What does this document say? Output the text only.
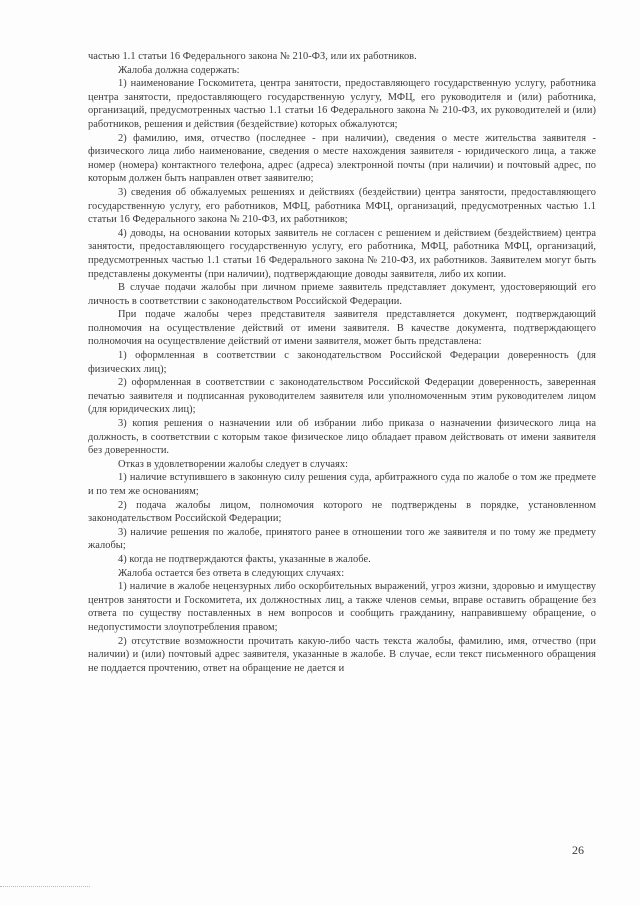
частью 1.1 статьи 16 Федерального закона № 210-ФЗ, или их работников.

Жалоба должна содержать:

1) наименование Госкомитета, центра занятости, предоставляющего государственную услугу, работника центра занятости, предоставляющего государственную услугу, МФЦ, его руководителя и (или) работника, организаций, предусмотренных частью 1.1 статьи 16 Федерального закона № 210-ФЗ, их руководителей и (или) работников, решения и действия (бездействие) которых обжалуются;

2) фамилию, имя, отчество (последнее - при наличии), сведения о месте жительства заявителя - физического лица либо наименование, сведения о месте нахождения заявителя - юридического лица, а также номер (номера) контактного телефона, адрес (адреса) электронной почты (при наличии) и почтовый адрес, по которым должен быть направлен ответ заявителю;

3) сведения об обжалуемых решениях и действиях (бездействии) центра занятости, предоставляющего государственную услугу, его работников, МФЦ, работника МФЦ, организаций, предусмотренных частью 1.1 статьи 16 Федерального закона № 210-ФЗ, их работников;

4) доводы, на основании которых заявитель не согласен с решением и действием (бездействием) центра занятости, предоставляющего государственную услугу, его работника, МФЦ, работника МФЦ, организаций, предусмотренных частью 1.1 статьи 16 Федерального закона № 210-ФЗ, их работников. Заявителем могут быть представлены документы (при наличии), подтверждающие доводы заявителя, либо их копии.

В случае подачи жалобы при личном приеме заявитель представляет документ, удостоверяющий его личность в соответствии с законодательством Российской Федерации.

При подаче жалобы через представителя заявителя представляется документ, подтверждающий полномочия на осуществление действий от имени заявителя. В качестве документа, подтверждающего полномочия на осуществление действий от имени заявителя, может быть представлена:

1) оформленная в соответствии с законодательством Российской Федерации доверенность (для физических лиц);

2) оформленная в соответствии с законодательством Российской Федерации доверенность, заверенная печатью заявителя и подписанная руководителем заявителя или уполномоченным этим руководителем лицом (для юридических лиц);

3) копия решения о назначении или об избрании либо приказа о назначении физического лица на должность, в соответствии с которым такое физическое лицо обладает правом действовать от имени заявителя без доверенности.

Отказ в удовлетворении жалобы следует в случаях:

1) наличие вступившего в законную силу решения суда, арбитражного суда по жалобе о том же предмете и по тем же основаниям;

2) подача жалобы лицом, полномочия которого не подтверждены в порядке, установленном законодательством Российской Федерации;

3) наличие решения по жалобе, принятого ранее в отношении того же заявителя и по тому же предмету жалобы;

4) когда не подтверждаются факты, указанные в жалобе.

Жалоба остается без ответа в следующих случаях:

1) наличие в жалобе нецензурных либо оскорбительных выражений, угроз жизни, здоровью и имуществу центров занятости и Госкомитета, их должностных лиц, а также членов семьи, вправе оставить обращение без ответа по существу поставленных в нем вопросов и сообщить гражданину, направившему обращение, о недопустимости злоупотребления правом;

2) отсутствие возможности прочитать какую-либо часть текста жалобы, фамилию, имя, отчество (при наличии) и (или) почтовый адрес заявителя, указанные в жалобе. В случае, если текст письменного обращения не поддается прочтению, ответ на обращение не дается и

26
